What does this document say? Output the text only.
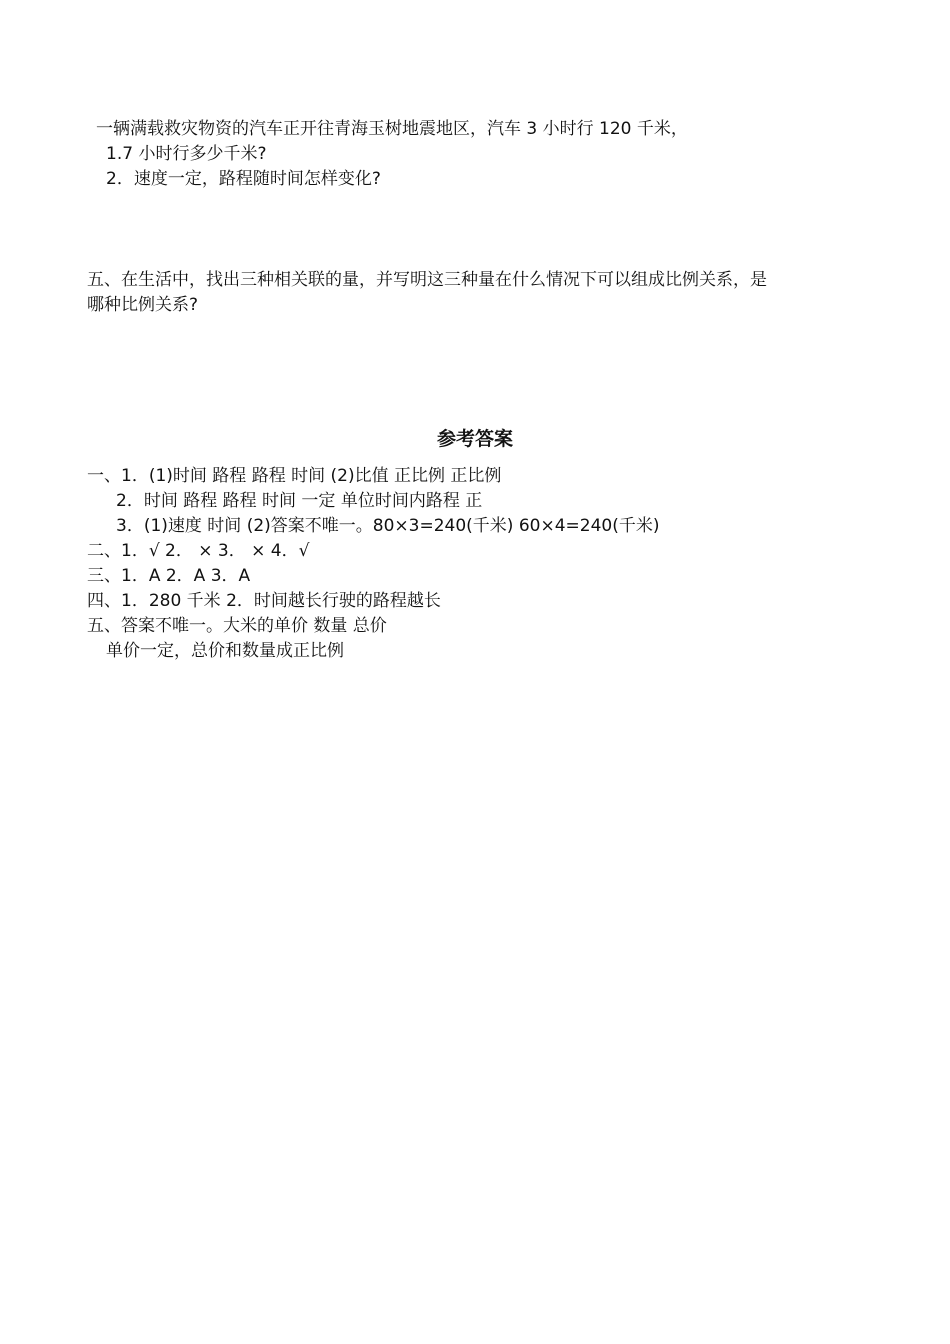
一辆满载救灾物资的汽车正开往青海玉树地震地区，汽车 3 小时行 120 千米，
1.7 小时行多少千米?
2．速度一定，路程随时间怎样变化?
五、在生活中，找出三种相关联的量，并写明这三种量在什么情况下可以组成比例关系，是
哪种比例关系?
参考答案
一、1．(1)时间 路程 路程 时间 (2)比值 正比例 正比例
2．时间 路程 路程 时间 一定 单位时间内路程 正
3．(1)速度 时间 (2)答案不唯一。80×3=240(千米) 60×4=240(千米)
二、1．√ 2． × 3． × 4．√
三、1．A 2．A 3．A
四、1．280 千米 2．时间越长行驶的路程越长
五、答案不唯一。大米的单价 数量 总价
单价一定，总价和数量成正比例
